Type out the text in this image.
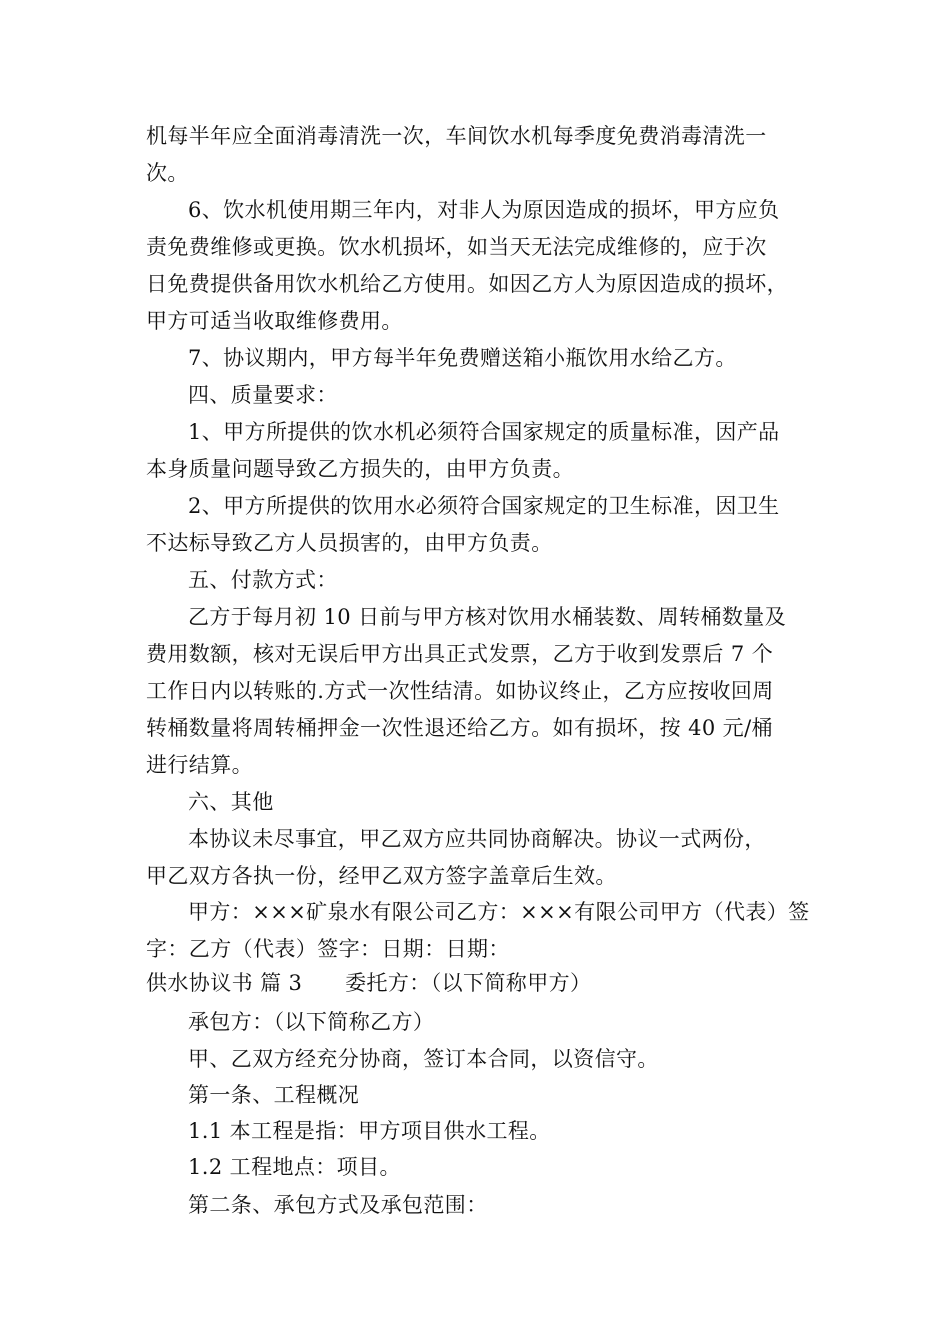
机每半年应全面消毒清洗一次，车间饮水机每季度免费消毒清洗一
次。
6、饮水机使用期三年内，对非人为原因造成的损坏，甲方应负
责免费维修或更换。饮水机损坏，如当天无法完成维修的，应于次
日免费提供备用饮水机给乙方使用。如因乙方人为原因造成的损坏，
甲方可适当收取维修费用。
7、协议期内，甲方每半年免费赠送箱小瓶饮用水给乙方。
四、质量要求：
1、甲方所提供的饮水机必须符合国家规定的质量标准，因产品
本身质量问题导致乙方损失的，由甲方负责。
2、甲方所提供的饮用水必须符合国家规定的卫生标准，因卫生
不达标导致乙方人员损害的，由甲方负责。
五、付款方式：
乙方于每月初 10 日前与甲方核对饮用水桶装数、周转桶数量及
费用数额，核对无误后甲方出具正式发票，乙方于收到发票后 7 个
工作日内以转账的.方式一次性结清。如协议终止，乙方应按收回周
转桶数量将周转桶押金一次性退还给乙方。如有损坏，按 40 元/桶
进行结算。
六、其他
本协议未尽事宜，甲乙双方应共同协商解决。协议一式两份，
甲乙双方各执一份，经甲乙双方签字盖章后生效。
甲方：×××矿泉水有限公司乙方：×××有限公司甲方（代表）签
字：乙方（代表）签字：日期：日期：
供水协议书 篇 3　　委托方：（以下简称甲方）
承包方：（以下简称乙方）
甲、乙双方经充分协商，签订本合同，以资信守。
第一条、工程概况
1.1 本工程是指：甲方项目供水工程。
1.2 工程地点：项目。
第二条、承包方式及承包范围：
